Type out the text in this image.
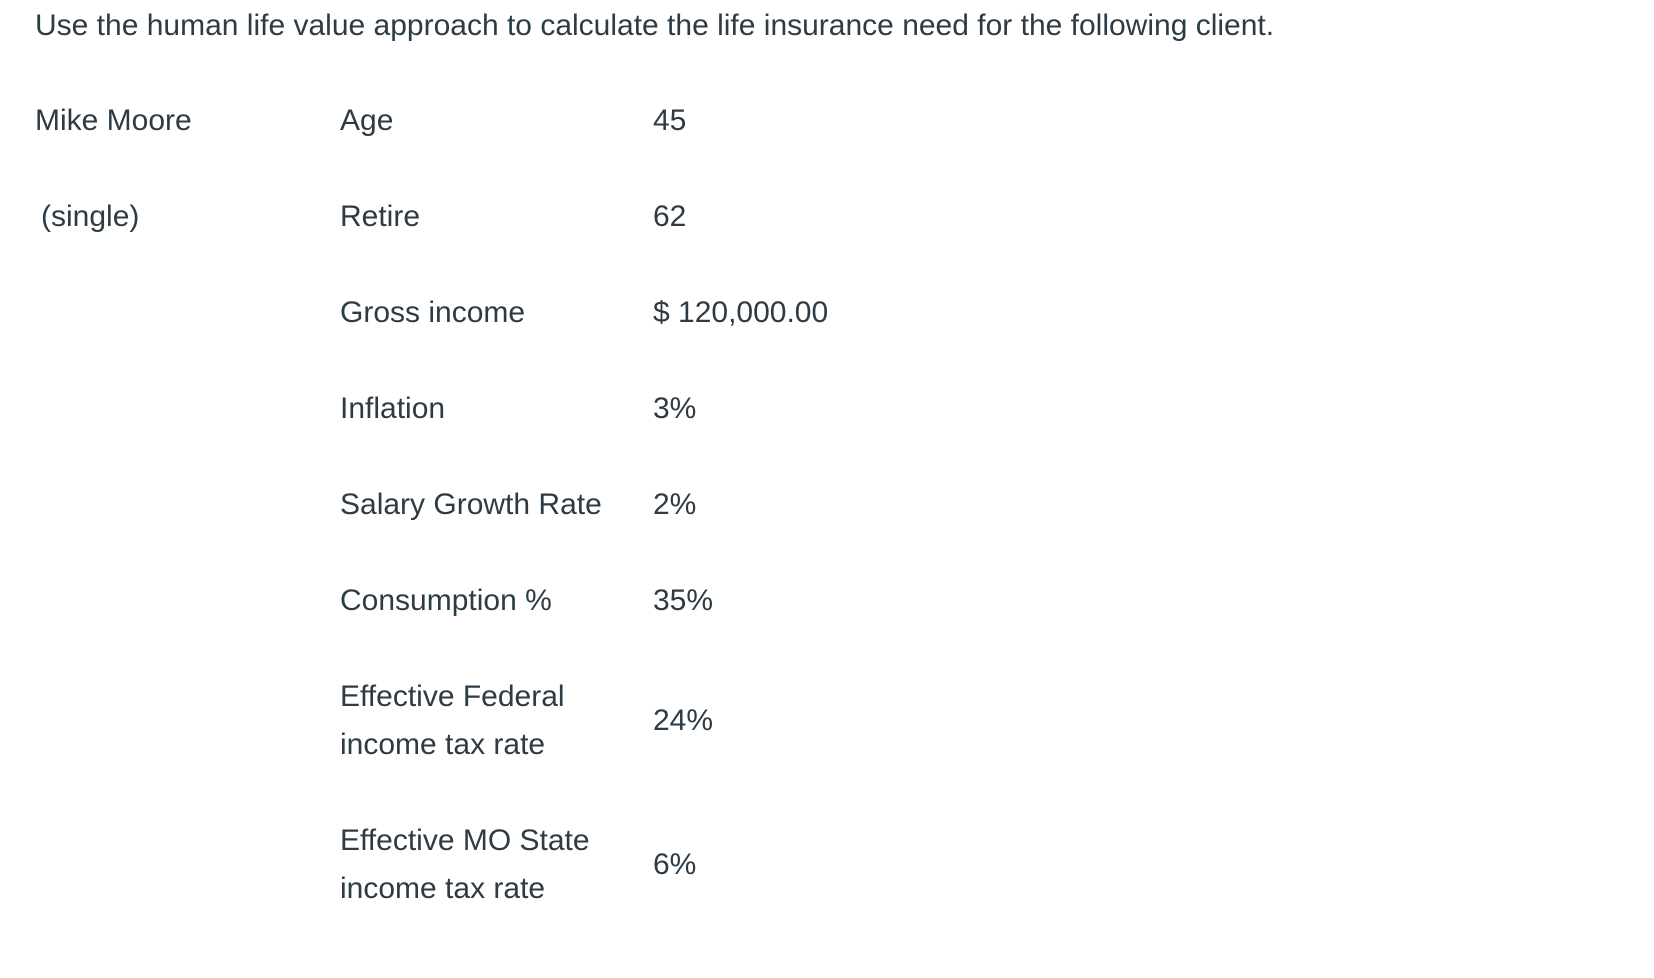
Use the human life value approach to calculate the life insurance need for the following client.
Mike Moore
(single)
Age	45
Retire	62
Gross income	$ 120,000.00
Inflation	3%
Salary Growth Rate 2%
Consumption %	35%
Effective Federal
income tax rate
24%
Effective MO State
income tax rate
6%
